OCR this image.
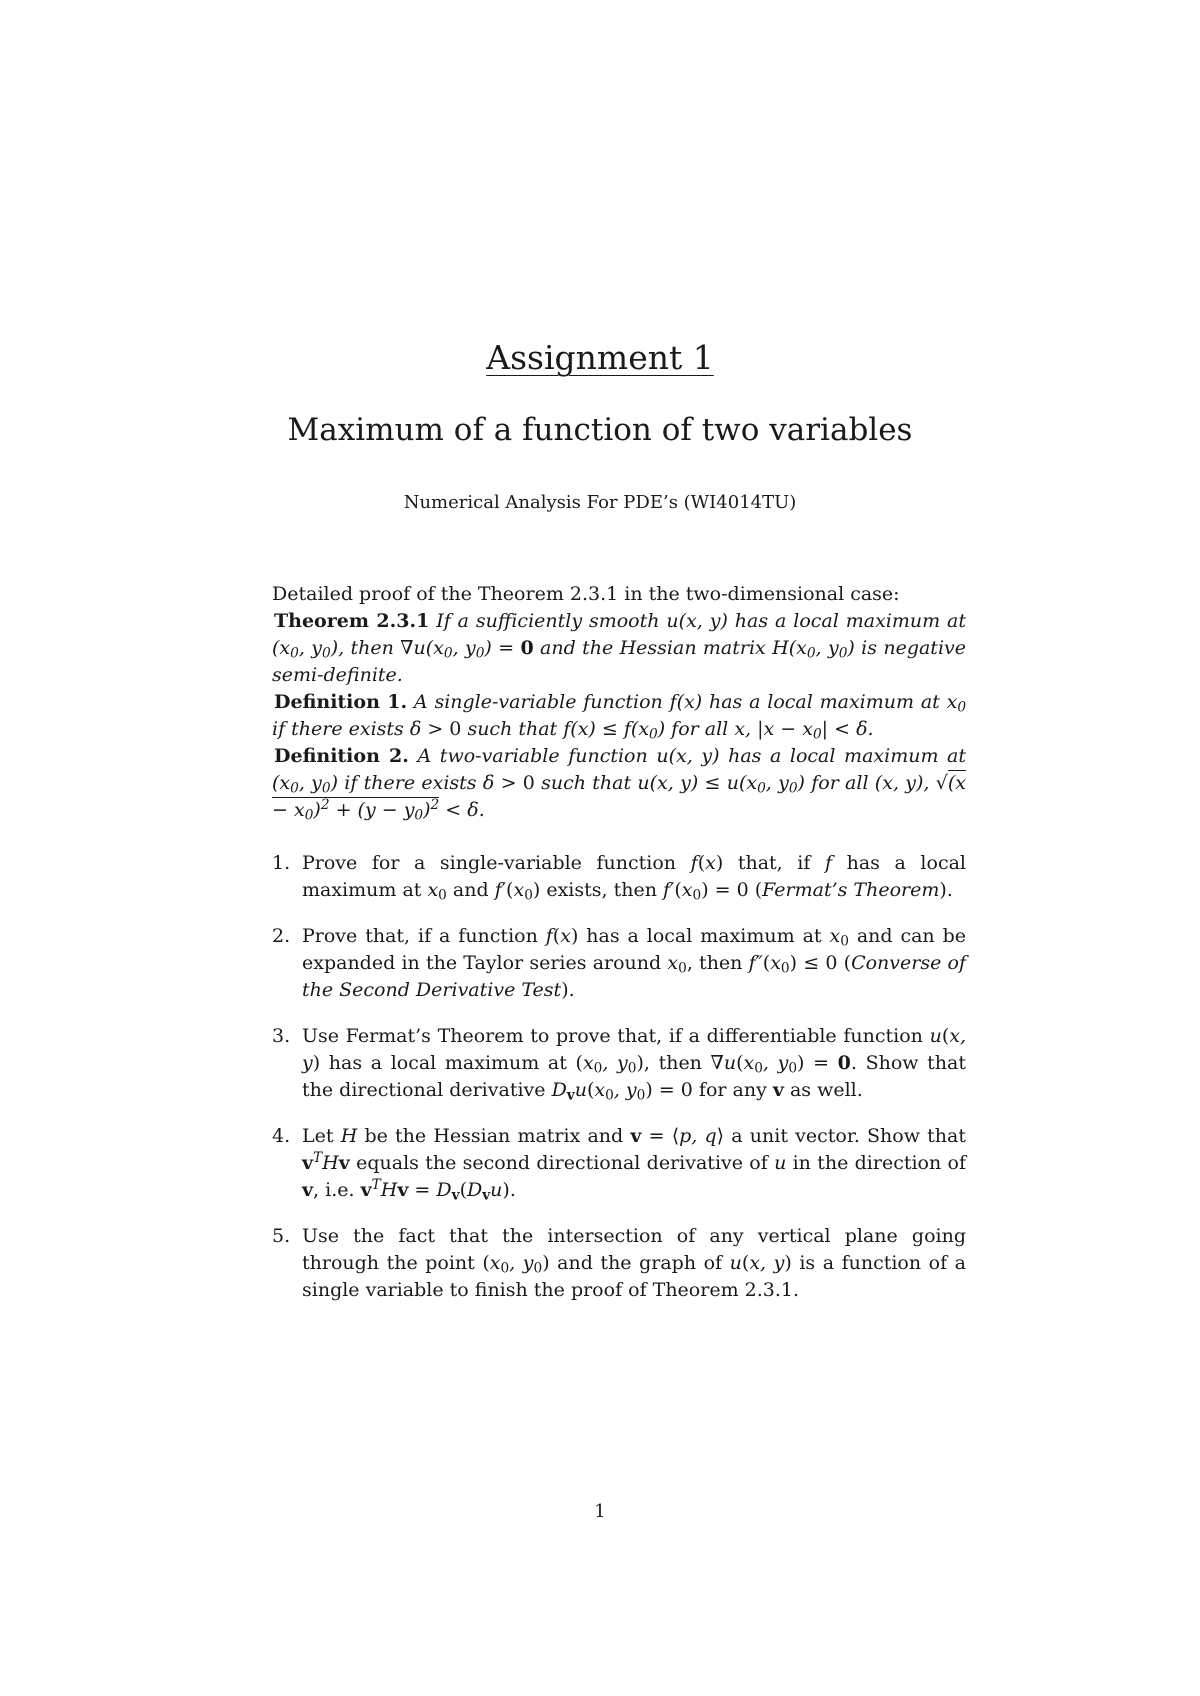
Assignment 1
Maximum of a function of two variables
Numerical Analysis For PDE’s (WI4014TU)

Detailed proof of the Theorem 2.3.1 in the two-dimensional case:

Theorem 2.3.1 If a sufficiently smooth u(x, y) has a local maximum at ($x_0$, $y_0$), then $\nabla u(x_0$, $y_0) = 0$ and the Hessian matrix $H(x_0$, $y_0$) is negative semi-definite.

Definition 1. A single-variable function f(x) has a local maximum at $x_0$ if there exists δ > 0 such that $f(x) \le f(x_0)$ for all x, $|x - x_0| < \delta$.

Definition 2. A two-variable function u(x, y) has a local maximum at ($x_0$, $y_0$) if there exists δ > 0 such that u(x, $y) \le u(x_0$, $y_0$) for all (x, y), $√(x - x_0)^2 + (y - y_0)^2 < \delta$.

1. Prove for a single-variable function f(x) that, if f has a local maximum at $x_0$ and $f'(x_0)$ exists, then $f'(x_0) = 0$ (Fermat’s Theorem).
2. Prove that, if a function f(x) has a local maximum at $x_0$ and can be expanded in the Taylor series around $x_0$, then $f''(x_0) \le 0$ (Converse of the Second Derivative Test).
3. Use Fermat’s Theorem to prove that, if a differentiable function u(x, y) has a local maximum at ($x_0$, $y_0$), then $\nabla u(x_0$, $y_0) = 0$. Show that the directional derivative $D_vu(x_0$, $y_0) = 0$ for any v as well.
4. Let H be the Hessian matrix and v = ⟨p, q⟩ a unit vector. Show that $v^THv$ equals the second directional derivative of u in the direction of v, i.e. $v^THv = D_v(D_vu)$.
5. Use the fact that the intersection of any vertical plane going through the point ($x_0$, $y_0$) and the graph of u(x, y) is a function of a single variable to finish the proof of Theorem 2.3.1.
1
